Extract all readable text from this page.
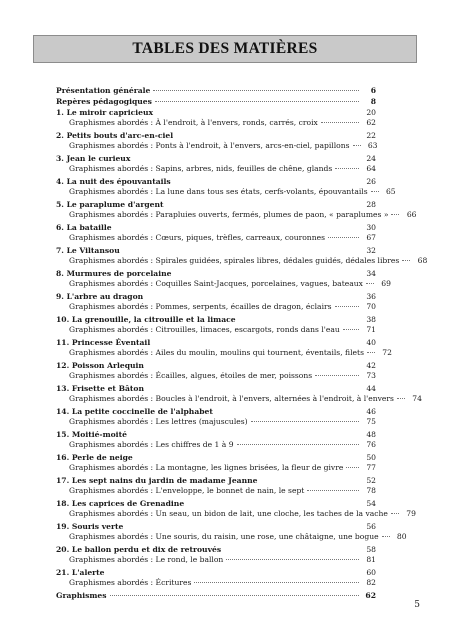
TABLES DES MATIÈRES
Présentation générale	6
Repères pédagogiques	8
1. Le miroir capricieux	20
Graphismes abordés : À l'endroit, à l'envers, ronds, carrés, croix	62
2. Petits bouts d'arc-en-ciel	22
Graphismes abordés : Ponts à l'endroit, à l'envers, arcs-en-ciel, papillons	63
3. Jean le curieux	24
Graphismes abordés : Sapins, arbres, nids, feuilles de chêne, glands	64
4. La nuit des épouvantails	26
Graphismes abordés : La lune dans tous ses états, cerfs-volants, épouvantails	65
5. Le paraplume d'argent	28
Graphismes abordés : Parapluies ouverts, fermés, plumes de paon, « paraplumes »	66
6. La bataille	30
Graphismes abordés : Cœurs, piques, trèfles, carreaux, couronnes	67
7. Le Viltansou	32
Graphismes abordés : Spirales guidées, spirales libres, dédales guidés, dédales libres	68
8. Murmures de porcelaine	34
Graphismes abordés : Coquilles Saint-Jacques, porcelaines, vagues, bateaux	69
9. L'arbre au dragon	36
Graphismes abordés : Pommes, serpents, écailles de dragon, éclairs	70
10. La grenouille, la citrouille et la limace	38
Graphismes abordés : Citrouilles, limaces, escargots, ronds dans l'eau	71
11. Princesse Éventail	40
Graphismes abordés : Ailes du moulin, moulins qui tournent, éventails, filets	72
12. Poisson Arlequin	42
Graphismes abordés : Écailles, algues, étoiles de mer, poissons	73
13. Frisette et Bâton	44
Graphismes abordés : Boucles à l'endroit, à l'envers, alternées à l'endroit, à l'envers	74
14. La petite coccinelle de l'alphabet	46
Graphismes abordés : Les lettres (majuscules)	75
15. Moitié-moité	48
Graphismes abordés : Les chiffres de 1 à 9	76
16. Perle de neige	50
Graphismes abordés : La montagne, les lignes brisées, la fleur de givre	77
17. Les sept nains du jardin de madame Jeanne	52
Graphismes abordés : L'enveloppe, le bonnet de nain, le sept	78
18. Les caprices de Grenadine	54
Graphismes abordés : Un seau, un bidon de lait, une cloche, les taches de la vache	79
19. Souris verte	56
Graphismes abordés : Une souris, du raisin, une rose, une châtaigne, une bogue	80
20. Le ballon perdu et dix de retrouvés	58
Graphismes abordés : Le rond, le ballon	81
21. L'alerte	60
Graphismes abordés : Écritures	82
Graphismes	62
5
